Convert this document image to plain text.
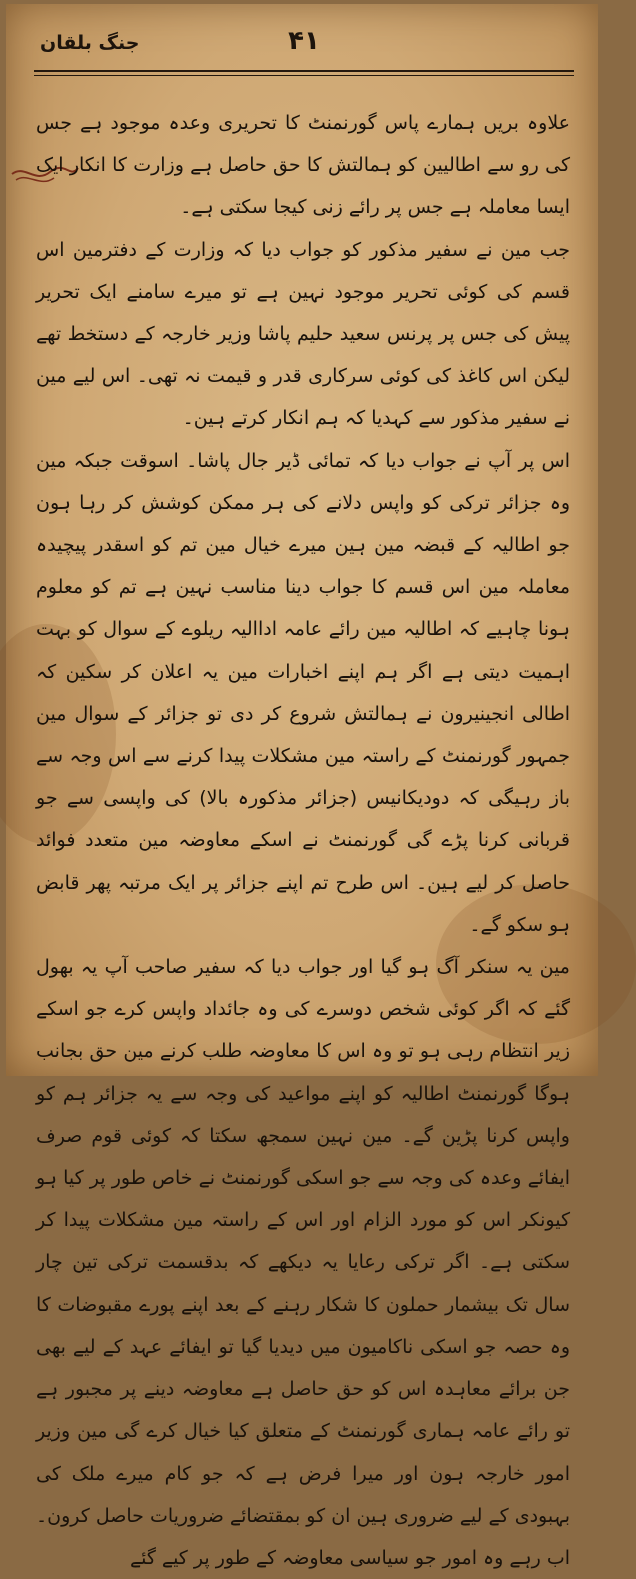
۴۱
جنگ بلقان

علاوہ بریں ہمارے پاس گورنمنٹ کا تحریری وعدہ موجود ہے جس کی رو سے اطالیین کو ہمالتش کا حق حاصل ہے وزارت کا انکار ایک ایسا معاملہ ہے جس پر رائے زنی کیجا سکتی ہے۔

جب مین نے سفیر مذکور کو جواب دیا کہ وزارت کے دفترمین اس قسم کی کوئی تحریر موجود نہین ہے تو میرے سامنے ایک تحریر پیش کی جس پر پرنس سعید حلیم پاشا وزیر خارجہ کے دستخط تھے لیکن اس کاغذ کی کوئی سرکاری قدر و قیمت نہ تھی۔ اس لیے مین نے سفیر مذکور سے کہدیا کہ ہم انکار کرتے ہین۔

اس پر آپ نے جواب دیا کہ تمائی ڈیر جال پاشا۔ اسوقت جبکہ مین وہ جزائر ترکی کو واپس دلانے کی ہر ممکن کوشش کر رہا ہون جو اطالیہ کے قبضہ مین ہین میرے خیال مین تم کو اسقدر پیچیدہ معاملہ مین اس قسم کا جواب دینا مناسب نہین ہے تم کو معلوم ہونا چاہیے کہ اطالیہ مین رائے عامہ اداالیہ ریلوے کے سوال کو بہت اہمیت دیتی ہے اگر ہم اپنے اخبارات مین یہ اعلان کر سکین کہ اطالی انجینیرون نے ہمالتش شروع کر دی تو جزائر کے سوال مین جمہور گورنمنٹ کے راستہ مین مشکلات پیدا کرنے سے اس وجہ سے باز رہیگی کہ دودیکانیس (جزائر مذکورہ بالا) کی واپسی سے جو قربانی کرنا پڑے گی گورنمنٹ نے اسکے معاوضہ مین متعدد فوائد حاصل کر لیے ہین۔ اس طرح تم اپنے جزائر پر ایک مرتبہ پھر قابض ہو سکو گے۔

مین یہ سنکر آگ ہو گیا اور جواب دیا کہ سفیر صاحب آپ یہ بھول گئے کہ اگر کوئی شخص دوسرے کی وہ جائداد واپس کرے جو اسکے زیر انتظام رہی ہو تو وہ اس کا معاوضہ طلب کرنے مین حق بجانب ہوگا گورنمنٹ اطالیہ کو اپنے مواعید کی وجہ سے یہ جزائر ہم کو واپس کرنا پڑین گے۔ مین نہین سمجھ سکتا کہ کوئی قوم صرف ایفائے وعدہ کی وجہ سے جو اسکی گورنمنٹ نے خاص طور پر کیا ہو کیونکر اس کو مورد الزام اور اس کے راستہ مین مشکلات پیدا کر سکتی ہے۔ اگر ترکی رعایا یہ دیکھے کہ بدقسمت ترکی تین چار سال تک بیشمار حملون کا شکار رہنے کے بعد اپنے پورے مقبوضات کا وہ حصہ جو اسکی ناکامیون میں دیدیا گیا تو ایفائے عہد کے لیے بھی جن برائے معاہدہ اس کو حق حاصل ہے معاوضہ دینے پر مجبور ہے تو رائے عامہ ہماری گورنمنٹ کے متعلق کیا خیال کرے گی مین وزیر امور خارجہ ہون اور میرا فرض ہے کہ جو کام میرے ملک کی بہبودی کے لیے ضروری ہین ان کو بمقتضائے ضروریات حاصل کرون۔ اب رہے وہ امور جو سیاسی معاوضہ کے طور پر کیے گئے
